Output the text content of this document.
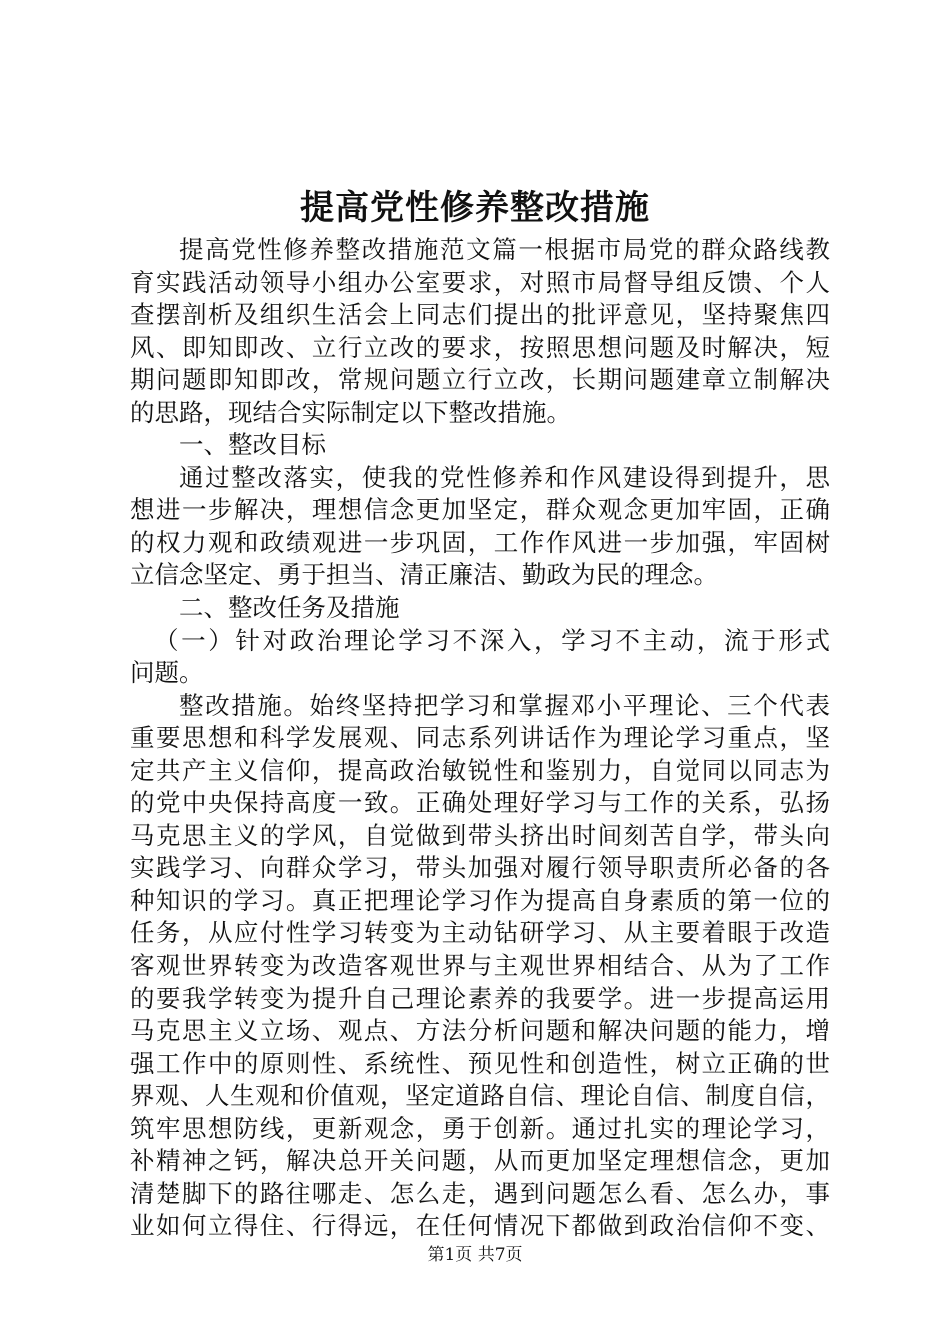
提高党性修养整改措施
提高党性修养整改措施范文篇一根据市局党的群众路线教
育实践活动领导小组办公室要求，对照市局督导组反馈、个人
查摆剖析及组织生活会上同志们提出的批评意见，坚持聚焦四
风、即知即改、立行立改的要求，按照思想问题及时解决，短
期问题即知即改，常规问题立行立改，长期问题建章立制解决
的思路，现结合实际制定以下整改措施。
一、整改目标
通过整改落实，使我的党性修养和作风建设得到提升，思
想进一步解决，理想信念更加坚定，群众观念更加牢固，正确
的权力观和政绩观进一步巩固，工作作风进一步加强，牢固树
立信念坚定、勇于担当、清正廉洁、勤政为民的理念。
二、整改任务及措施
（一）针对政治理论学习不深入，学习不主动，流于形式
问题。
整改措施。始终坚持把学习和掌握邓小平理论、三个代表
重要思想和科学发展观、同志系列讲话作为理论学习重点，坚
定共产主义信仰，提高政治敏锐性和鉴别力，自觉同以同志为
的党中央保持高度一致。正确处理好学习与工作的关系，弘扬
马克思主义的学风，自觉做到带头挤出时间刻苦自学，带头向
实践学习、向群众学习，带头加强对履行领导职责所必备的各
种知识的学习。真正把理论学习作为提高自身素质的第一位的
任务，从应付性学习转变为主动钻研学习、从主要着眼于改造
客观世界转变为改造客观世界与主观世界相结合、从为了工作
的要我学转变为提升自己理论素养的我要学。进一步提高运用
马克思主义立场、观点、方法分析问题和解决问题的能力，增
强工作中的原则性、系统性、预见性和创造性，树立正确的世
界观、人生观和价值观，坚定道路自信、理论自信、制度自信，
筑牢思想防线，更新观念，勇于创新。通过扎实的理论学习，
补精神之钙，解决总开关问题，从而更加坚定理想信念，更加
清楚脚下的路往哪走、怎么走，遇到问题怎么看、怎么办，事
业如何立得住、行得远，在任何情况下都做到政治信仰不变、
第1页 共7页
